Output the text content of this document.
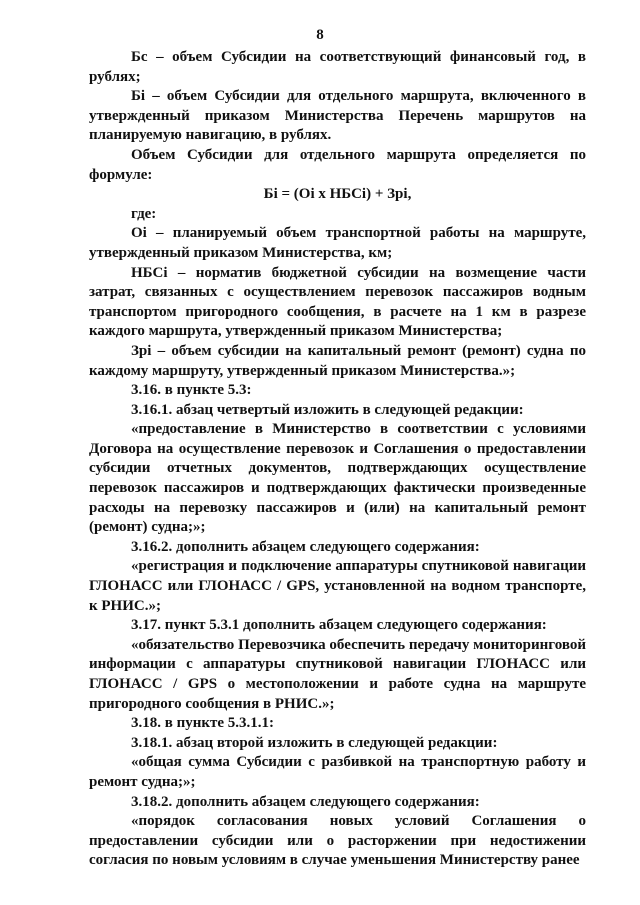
8

Бс – объем Субсидии на соответствующий финансовый год, в рублях;

Бі – объем Субсидии для отдельного маршрута, включенного в утвержденный приказом Министерства Перечень маршрутов на планируемую навигацию, в рублях.

Объем Субсидии для отдельного маршрута определяется по формуле:

Бі = (Оі x НБСі) + Зрі,

где:

Оі – планируемый объем транспортной работы на маршруте, утвержденный приказом Министерства, км;

НБСі – норматив бюджетной субсидии на возмещение части затрат, связанных с осуществлением перевозок пассажиров водным транспортом пригородного сообщения, в расчете на 1 км в разрезе каждого маршрута, утвержденный приказом Министерства;

Зрі – объем субсидии на капитальный ремонт (ремонт) судна по каждому маршруту, утвержденный приказом Министерства.»;

3.16. в пункте 5.3:

3.16.1. абзац четвертый изложить в следующей редакции:

«предоставление в Министерство в соответствии с условиями Договора на осуществление перевозок и Соглашения о предоставлении субсидии отчетных документов, подтверждающих осуществление перевозок пассажиров и подтверждающих фактически произведенные расходы на перевозку пассажиров и (или) на капитальный ремонт (ремонт) судна;»;

3.16.2. дополнить абзацем следующего содержания:

«регистрация и подключение аппаратуры спутниковой навигации ГЛОНАСС или ГЛОНАСС / GPS, установленной на водном транспорте, к РНИС.»;

3.17. пункт 5.3.1 дополнить абзацем следующего содержания:

«обязательство Перевозчика обеспечить передачу мониторинговой информации с аппаратуры спутниковой навигации ГЛОНАСС или ГЛОНАСС / GPS о местоположении и работе судна на маршруте пригородного сообщения в РНИС.»;

3.18. в пункте 5.3.1.1:

3.18.1. абзац второй изложить в следующей редакции:

«общая сумма Субсидии с разбивкой на транспортную работу и ремонт судна;»;

3.18.2. дополнить абзацем следующего содержания:

«порядок согласования новых условий Соглашения о предоставлении субсидии или о расторжении при недостижении согласия по новым условиям в случае уменьшения Министерству ранее
